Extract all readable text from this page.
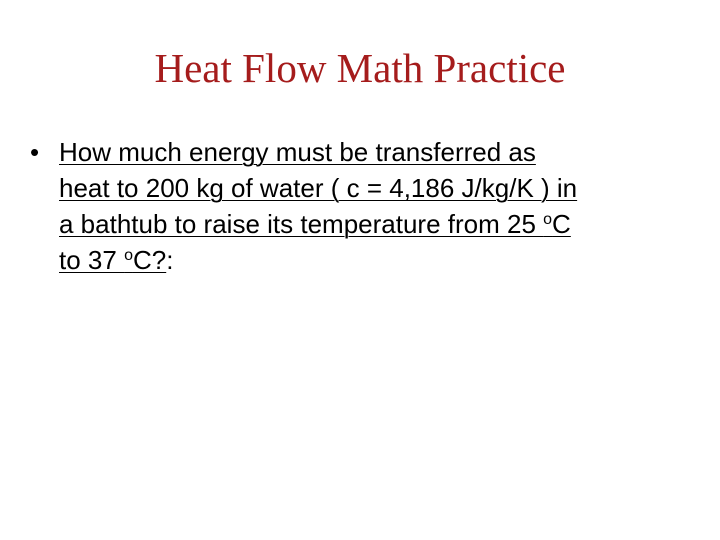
Heat Flow Math Practice
• How much energy must be transferred as
heat to 200 kg of water ( c = 4,186 J/kg/K ) in
a bathtub to raise its temperature from 25 $^o$C
to 37 $^o$C?:
